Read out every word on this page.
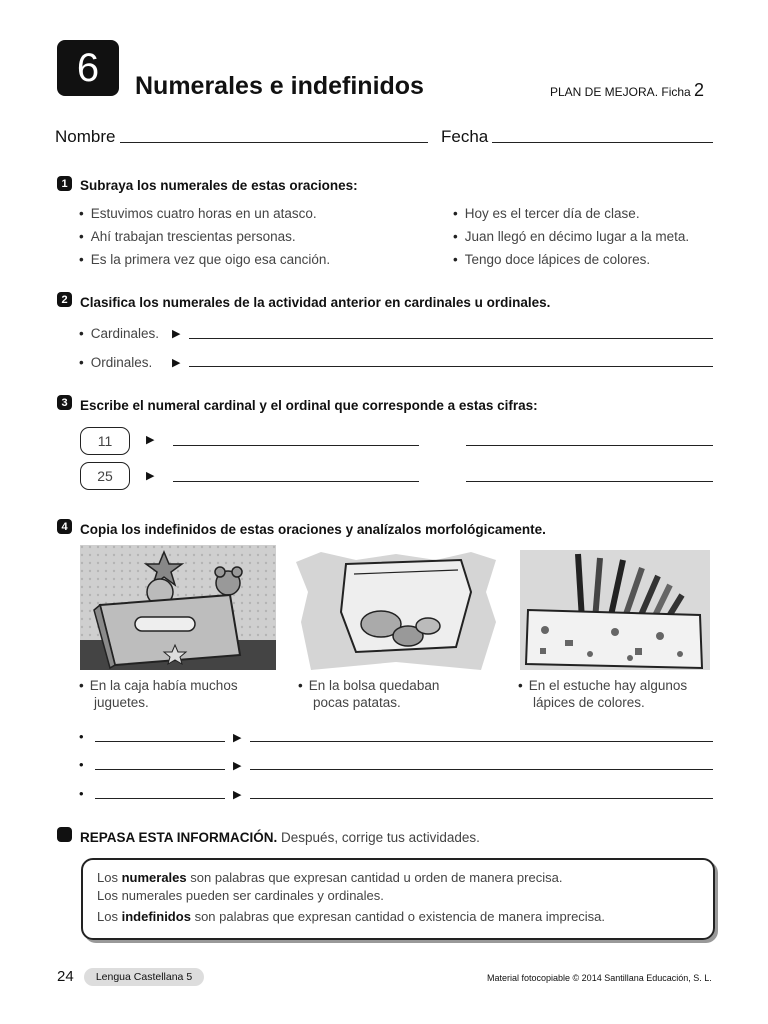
6 Numerales e indefinidos	PLAN DE MEJORA. Ficha 2
Nombre	Fecha
1 Subraya los numerales de estas oraciones:
• Estuvimos cuatro horas en un atasco.
• Ahí trabajan trescientas personas.
• Es la primera vez que oigo esa canción.
• Hoy es el tercer día de clase.
• Juan llegó en décimo lugar a la meta.
• Tengo doce lápices de colores.
2 Clasifica los numerales de la actividad anterior en cardinales u ordinales.
• Cardinales. ▶
• Ordinales. ▶
3 Escribe el numeral cardinal y el ordinal que corresponde a estas cifras:
11	▶
25	▶
4 Copia los indefinidos de estas oraciones y analízalos morfológicamente.
• En la caja había muchos
juguetes.
• En la bolsa quedaban
pocas patatas.
• En el estuche hay algunos
lápices de colores.
•	▶
•	▶
•	▶
REPASA ESTA INFORMACIÓN. Después, corrige tus actividades.
Los numerales son palabras que expresan cantidad u orden de manera precisa.
Los numerales pueden ser cardinales y ordinales.
Los indefinidos son palabras que expresan cantidad o existencia de manera imprecisa.
24	Lengua Castellana 5	Material fotocopiable © 2014 Santillana Educación, S. L.
